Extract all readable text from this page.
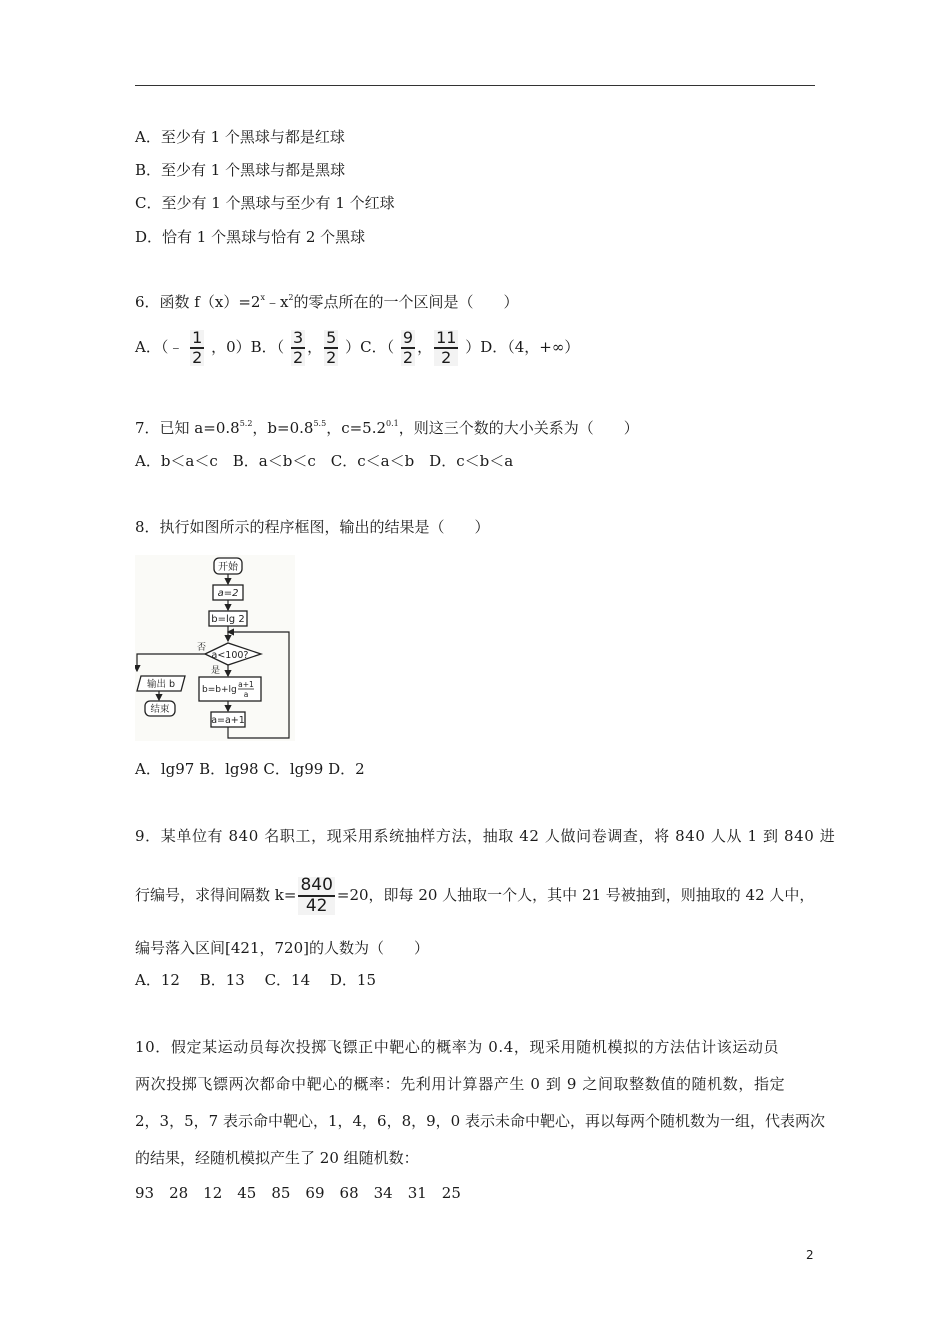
A．至少有 1 个黑球与都是红球
B．至少有 1 个黑球与都是黑球
C．至少有 1 个黑球与至少有 1 个红球
D．恰有 1 个黑球与恰有 2 个黑球
6．函数 $f(x)=2^x﹣x^2$的零点所在的一个区间是（　　）
A．（﹣ $\frac{1}{2}$ ，0）B．（ $\frac{3}{2}$ ， $\frac{5}{2} )C$．（ $\frac{9}{2}$ ， $\frac{11}{2} )D$．（4，+∞）
7．已知 $a=0.8^{5.2}$，$b=0.8^{5.5}$，$c=5.2^{0.1}$，则这三个数的大小关系为（　　）
A．b＜a＜c　B．a＜b＜c　C．c＜a＜b　D．c＜b＜a
8．执行如图所示的程序框图，输出的结果是（　　）
开始
a=2
b=lg 2
a<100?
否
是
输出 b
结束
b=b+lg
a+1
a
a=a+1
A．lg97 B．lg98 C．lg99 D．2
9．某单位有 840 名职工，现采用系统抽样方法，抽取 42 人做问卷调查，将 840 人从 1 到 840 进
行编号，求得间隔数 $k= \frac{840}{42} =20$，即每 20 人抽取一个人，其中 21 号被抽到，则抽取的 42 人中，
编号落入区间[421，720]的人数为（　　）
A．12　 B．13　 C．14　 D．15
10．假定某运动员每次投掷飞镖正中靶心的概率为 0.4，现采用随机模拟的方法估计该运动员
两次投掷飞镖两次都命中靶心的概率：先利用计算器产生 0 到 9 之间取整数值的随机数，指定
2，3，5，7 表示命中靶心，1，4，6，8，9，0 表示未命中靶心，再以每两个随机数为一组，代表两次
的结果，经随机模拟产生了 20 组随机数：
93　28　12　45　85　69　68　34　31　25
2
